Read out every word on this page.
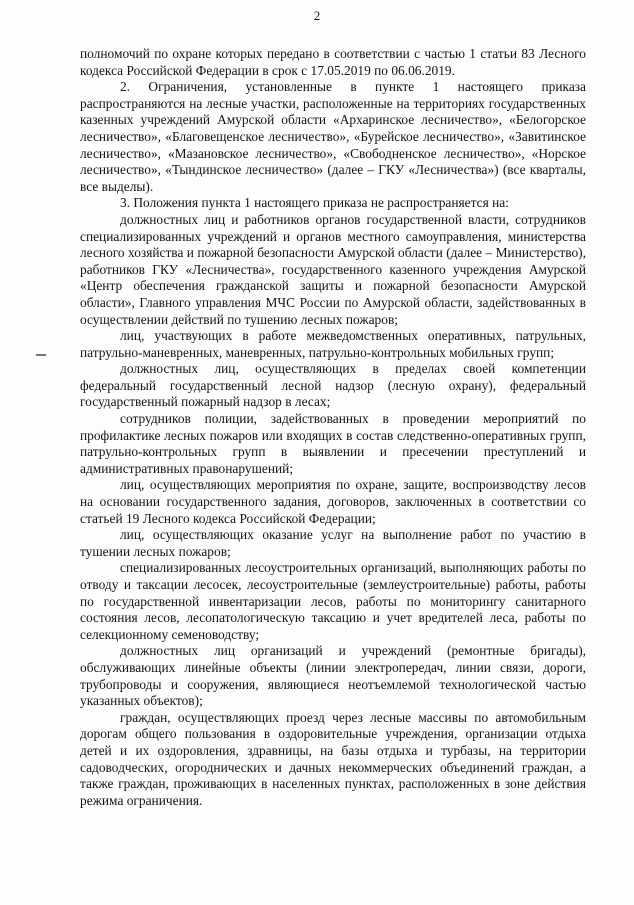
2

полномочий по охране которых передано в соответствии с частью 1 статьи 83 Лесного кодекса Российской Федерации в срок с 17.05.2019 по 06.06.2019.

2. Ограничения, установленные в пункте 1 настоящего приказа распространяются на лесные участки, расположенные на территориях государственных казенных учреждений Амурской области «Архаринское лесничество», «Белогорское лесничество», «Благовещенское лесничество», «Бурейское лесничество», «Завитинское лесничество», «Мазановское лесничество», «Свободненское лесничество», «Норское лесничество», «Тындинское лесничество» (далее – ГКУ «Лесничества») (все кварталы, все выделы).

3. Положения пункта 1 настоящего приказа не распространяется на:

должностных лиц и работников органов государственной власти, сотрудников специализированных учреждений и органов местного самоуправления, министерства лесного хозяйства и пожарной безопасности Амурской области (далее – Министерство), работников ГКУ «Лесничества», государственного казенного учреждения Амурской «Центр обеспечения гражданской защиты и пожарной безопасности Амурской области», Главного управления МЧС России по Амурской области, задействованных в осуществлении действий по тушению лесных пожаров;

лиц, участвующих в работе межведомственных оперативных, патрульных, патрульно-маневренных, маневренных, патрульно-контрольных мобильных групп;

должностных лиц, осуществляющих в пределах своей компетенции федеральный государственный лесной надзор (лесную охрану), федеральный государственный пожарный надзор в лесах;

сотрудников полиции, задействованных в проведении мероприятий по профилактике лесных пожаров или входящих в состав следственно-оперативных групп, патрульно-контрольных групп в выявлении и пресечении преступлений и административных правонарушений;

лиц, осуществляющих мероприятия по охране, защите, воспроизводству лесов на основании государственного задания, договоров, заключенных в соответствии со статьей 19 Лесного кодекса Российской Федерации;

лиц, осуществляющих оказание услуг на выполнение работ по участию в тушении лесных пожаров;

специализированных лесоустроительных организаций, выполняющих работы по отводу и таксации лесосек, лесоустроительные (землеустроительные) работы, работы по государственной инвентаризации лесов, работы по мониторингу санитарного состояния лесов, лесопатологическую таксацию и учет вредителей леса, работы по селекционному семеноводству;

должностных лиц организаций и учреждений (ремонтные бригады), обслуживающих линейные объекты (линии электропередач, линии связи, дороги, трубопроводы и сооружения, являющиеся неотъемлемой технологической частью указанных объектов);

граждан, осуществляющих проезд через лесные массивы по автомобильным дорогам общего пользования в оздоровительные учреждения, организации отдыха детей и их оздоровления, здравницы, на базы отдыха и турбазы, на территории садоводческих, огороднических и дачных некоммерческих объединений граждан, а также граждан, проживающих в населенных пунктах, расположенных в зоне действия режима ограничения.
